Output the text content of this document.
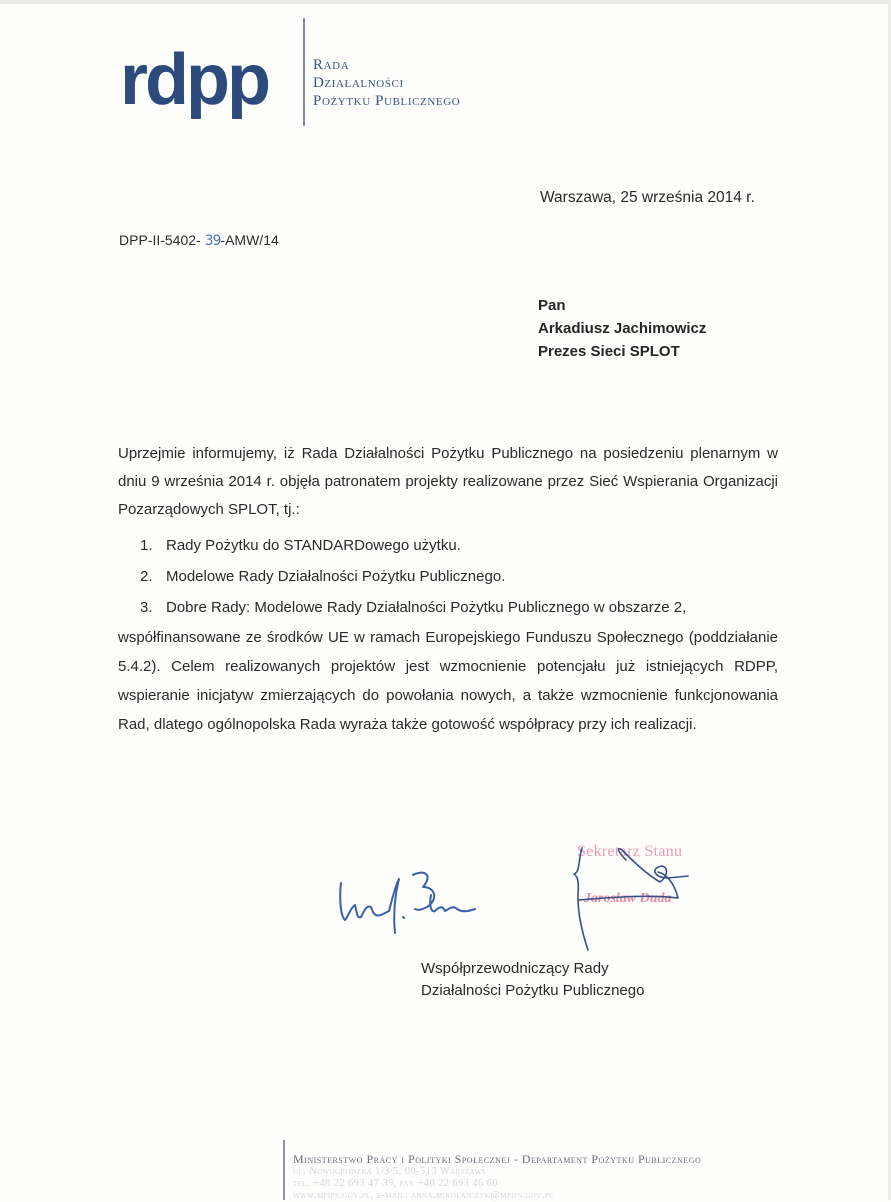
rdpp	Rada
Działalności
Pożytku Publicznego
Warszawa, 25 września 2014 r.
DPP-II-5402- 39-AMW/14
Pan
Arkadiusz Jachimowicz
Prezes Sieci SPLOT
Uprzejmie informujemy, iż Rada Działalności Pożytku Publicznego na posiedzeniu plenarnym w dniu 9 września 2014 r. objęła patronatem projekty realizowane przez Sieć Wspierania Organizacji Pozarządowych SPLOT, tj.:
1. Rady Pożytku do STANDARDowego użytku.
2. Modelowe Rady Działalności Pożytku Publicznego.
3. Dobre Rady: Modelowe Rady Działalności Pożytku Publicznego w obszarze 2,
współfinansowane ze środków UE w ramach Europejskiego Funduszu Społecznego (poddziałanie 5.4.2). Celem realizowanych projektów jest wzmocnienie potencjału już istniejących RDPP, wspieranie inicjatyw zmierzających do powołania nowych, a także wzmocnienie funkcjonowania Rad, dlatego ogólnopolska Rada wyraża także gotowość współpracy przy ich realizacji.
Sekretarz Stanu
Jarosław Duda
Współprzewodniczący Rady
Działalności Pożytku Publicznego
Ministerstwo Pracy i Polityki Społecznej - Departament Pożytku Publicznego
ul. Nowogrodzka 1/3/5, 00-513 Warszawa
tel. +48 22 693 47 39, fax +48 22 693 46 60
www.mpips.gov.pl, e-mail: anna.mikolajczyk@mpips.gov.pl
